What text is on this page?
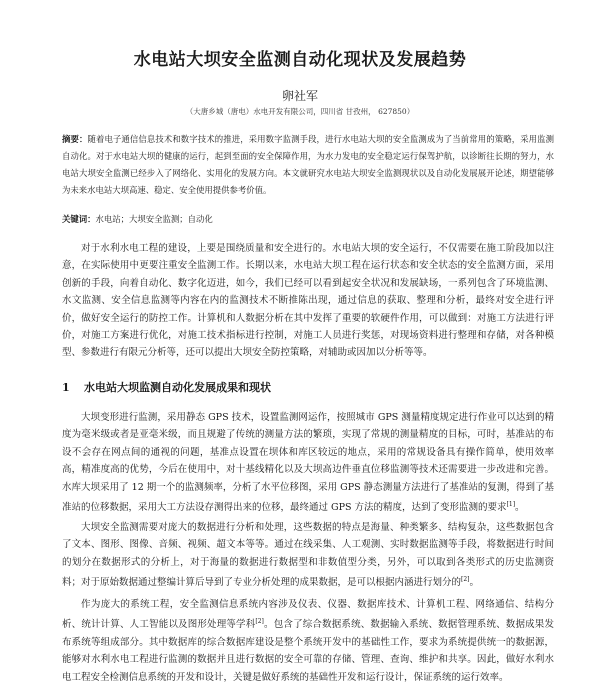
水电站大坝安全监测自动化现状及发展趋势
卵社军
（大唐乡城（唐电）水电开发有限公司，四川省 甘孜州， 627850）
摘要：随着电子通信信息技术和数字技术的推进，采用数字监测手段，进行水电站大坝的安全监测成为了当前常用的策略，采用监测自动化。对于水电站大坝的健康的运行，起到至面的安全保障作用，为水力发电的安全稳定运行保驾护航，以诊断往长期的努力，水电站大坝安全监测已经步入了网络化、实用化的发展方向。本文就研究水电站大坝安全监测现状以及自动化发展展开论述，期望能够为未来水电站大坝高速、稳定、安全使用提供参考价值。
关键词：水电站；大坝安全监测；自动化
对于水利水电工程的建设，上要是围绕质量和安全进行的。水电站大坝的安全运行，不仅需要在施工阶段加以注意，在实际使用中更要注重安全监测工作。长期以来，水电站大坝工程在运行状态和安全状态的安全监测方面，采用创新的手段，向着自动化、数字化迈进，如今，我们已经可以看到起安全状况和发展缺场，一系列包含了环境监测、水文监测、安全信息监测等内容在内的监测技术不断推陈出现，通过信息的获取、整理和分析，最终对安全进行评价，做好安全运行的防控工作。计算机和人数据分析在其中发挥了重要的软硬件作用，可以做到：对施工方法进行评价，对施工方案进行优化，对施工技术指标进行控制，对施工人员进行奖惩，对现场资料进行整理和存储，对各种模型、参数进行有限元分析等，还可以提出大坝安全防控策略，对辅助或因加以分析等等。
1 水电站大坝监测自动化发展成果和现状
大坝变形进行监测，采用静态 GPS 技术，设置监测网运作，按照城市 GPS 测量精度规定进行作业可以达到的精度为毫米级或者是亚毫米级，而且规避了传统的测量方法的繁琐，实现了常规的测量精度的目标，可时，基准站的布设不会存在网点间的通视的问题，基准点设置在坝体和库区较远的地点，采用的常规设备具有操作简单，使用效率高，精准度高的优势，今后在使用中，对十基线精化以及大坝高边件垂直位移监测等技术还需要进一步改进和完善。水库大坝采用了 12 期一个的监测频率，分析了水平位移图，采用 GPS 静态测量方法进行了基准站的复测，得到了基准站的位移数据，采用大工方法设存测得出来的位移，最终通过 GPS 方法的精度，达到了变形监测的要求[1]。
大坝安全监测需要对庞大的数据进行分析和处理，这些数据的特点是海量、种类繁多、结构复杂，这些数据包含了文本、图形、图像、音频、视频、超文本等等。通过在线采集、人工观测、实时数据监测等手段，将数据进行时间的划分在数据形式的分析上，对于海量的数据进行数据型和非数值型分类，另外，可以取到各类形式的历史监测资料；对于原始数据通过整编计算后导到了专业分析处理的成果数据，是可以根据内涵进行划分的[2]。
作为庞大的系统工程，安全监测信息系统内容涉及仪表、仪器、数据库技术、计算机工程、网络通信、结构分析、统计计算、人工智能以及图形处理等学科[2]。包含了综合数据系统、数据输入系统、数据管理系统、数据成果发布系统等组成部分。其中数据库的综合数据库建设是整个系统开发中的基础性工作，要求为系统提供统一的数据源，能够对水利水电工程进行监测的数据并且进行数据的安全可靠的存储、管理、查询、维护和共享。因此，做好水利水电工程安全检测信息系统的开发和设计，关键是做好系统的基础性开发和运行设计，保证系统的运行效率。
